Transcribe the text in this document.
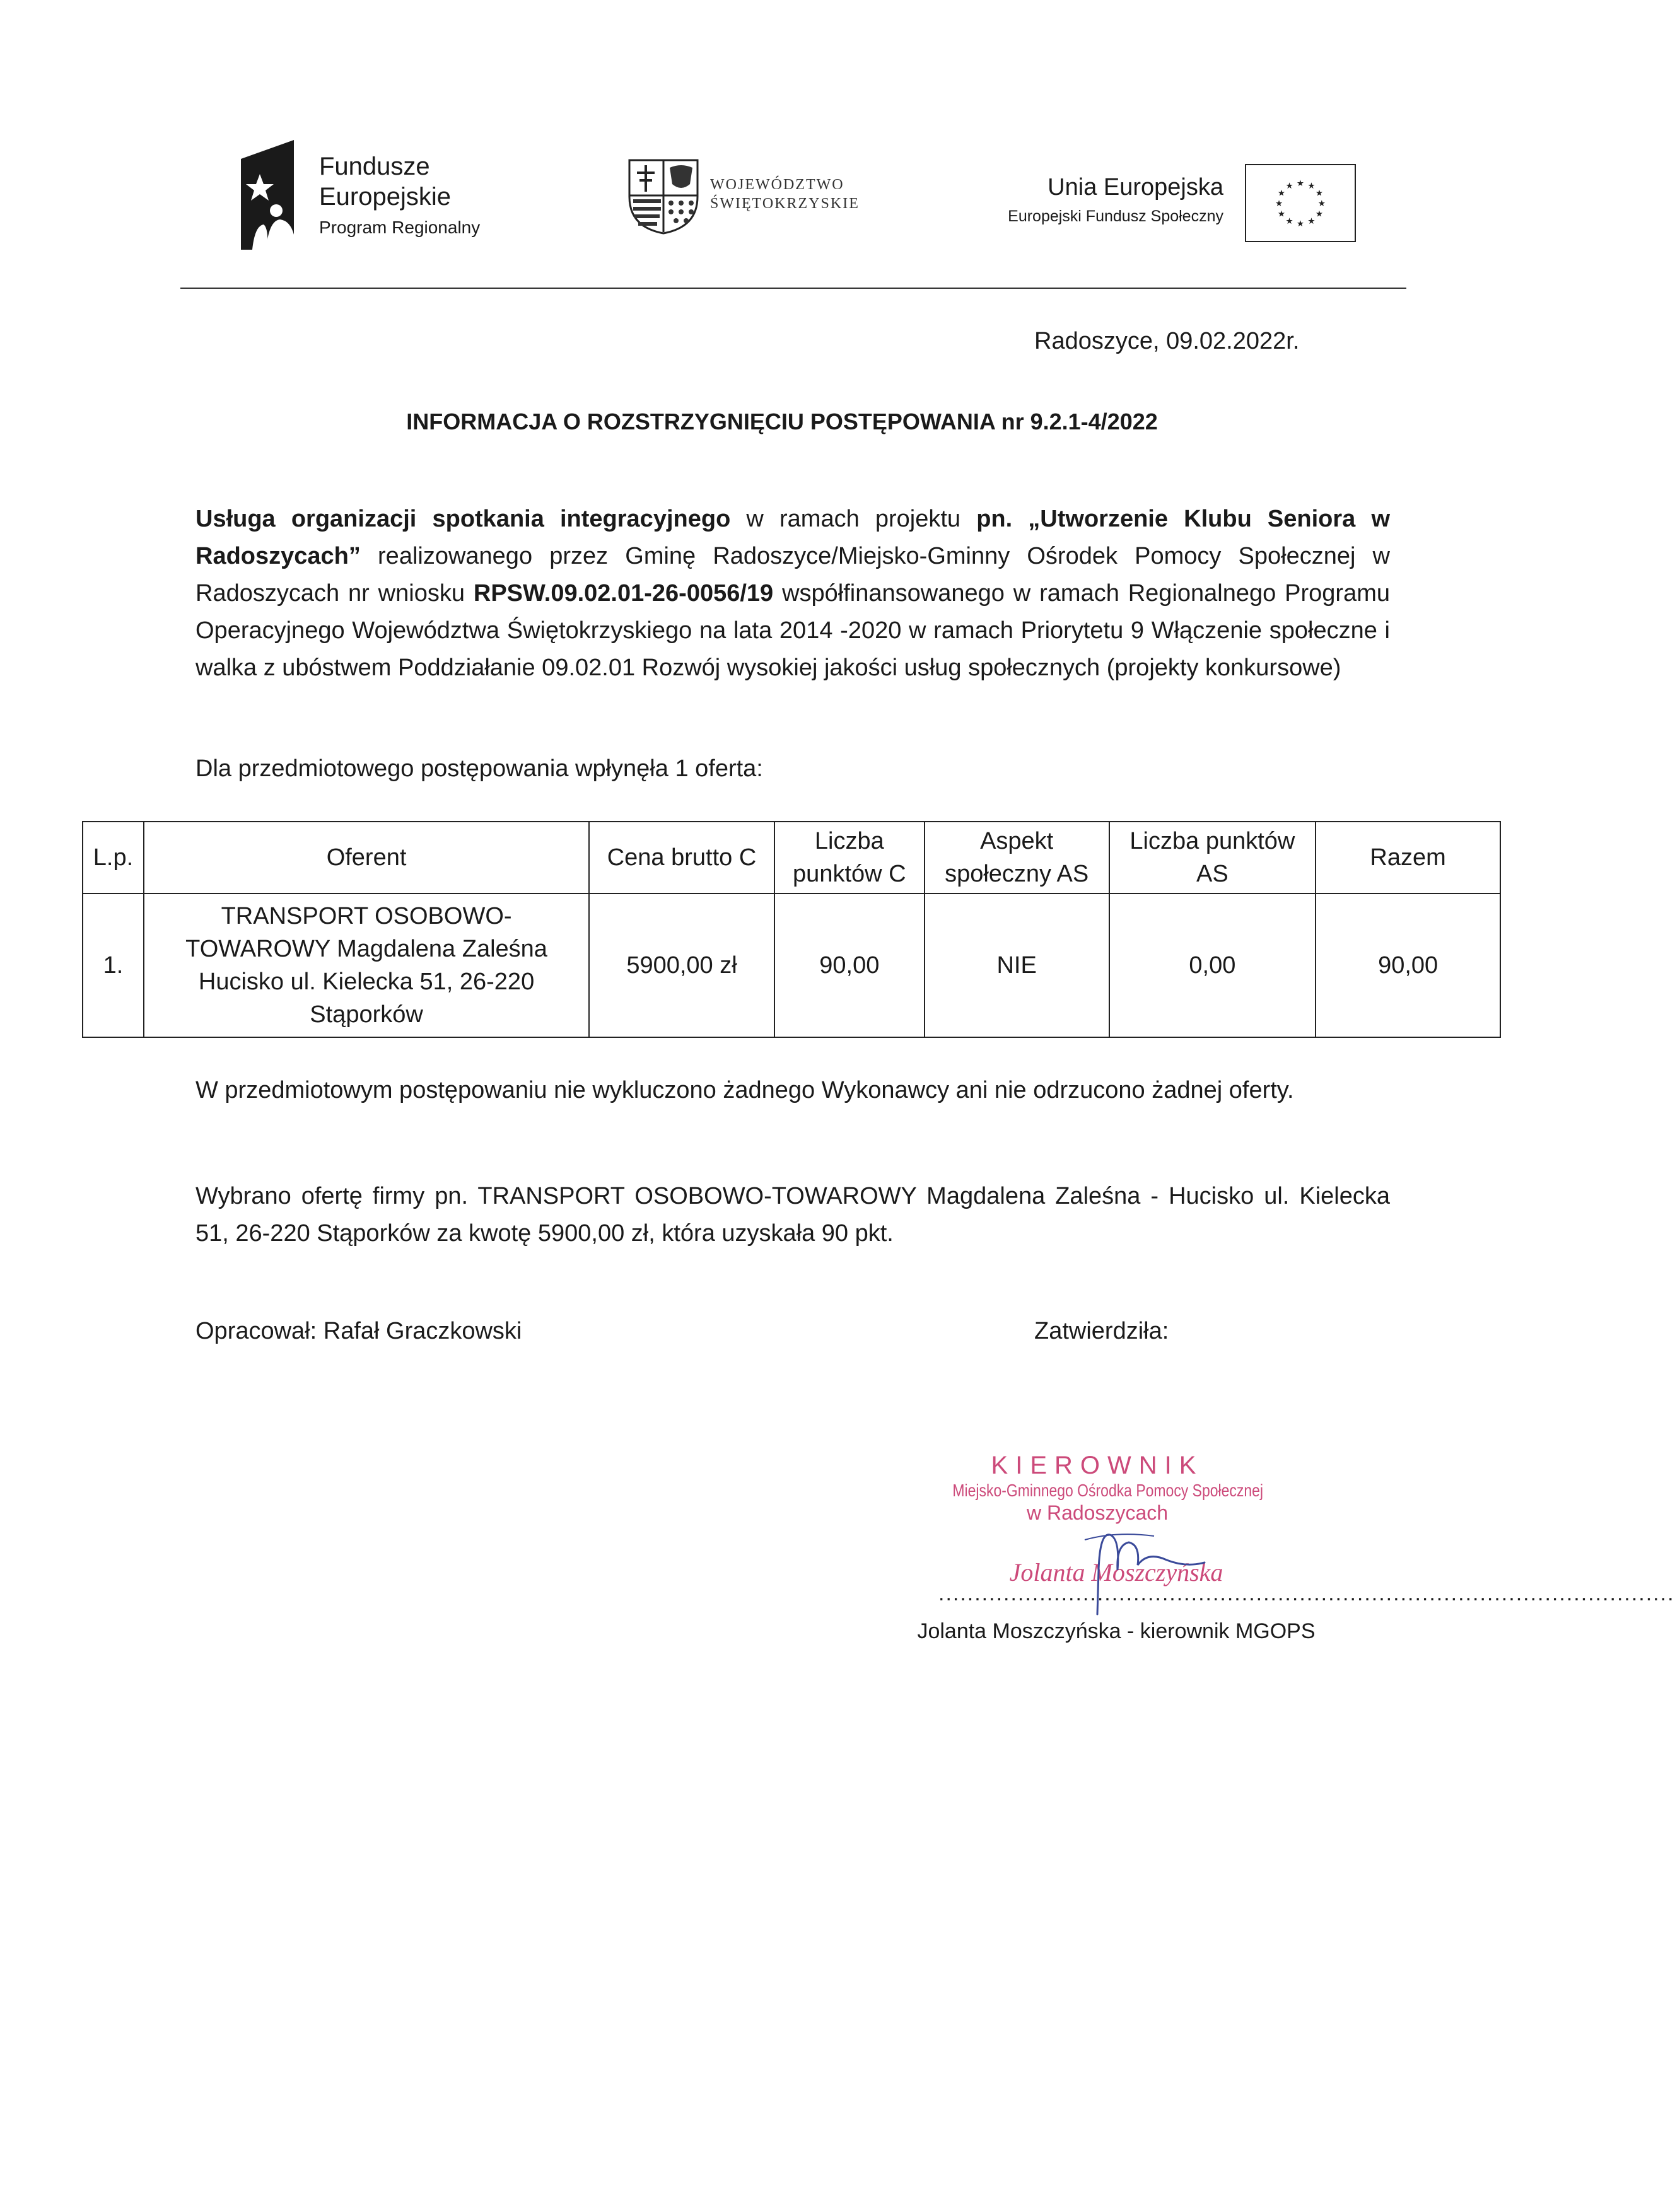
Fundusze
Europejskie
Program Regionalny
WOJEWÓDZTWO
ŚWIĘTOKRZYSKIE
Unia Europejska
Europejski Fundusz Społeczny
★ ★
★
★
★
★
★
★
★
★
★
★
Radoszyce, 09.02.2022r.
INFORMACJA O ROZSTRZYGNIĘCIU POSTĘPOWANIA nr 9.2.1-4/2022
Usługa organizacji spotkania integracyjnego w ramach projektu pn. „Utworzenie Klubu Seniora w Radoszycach” realizowanego przez Gminę Radoszyce/Miejsko-Gminny Ośrodek Pomocy Społecznej w Radoszycach nr wniosku RPSW.09.02.01-26-0056/19 współfinansowanego w ramach Regionalnego Programu Operacyjnego Województwa Świętokrzyskiego na lata 2014 -2020 w ramach Priorytetu 9 Włączenie społeczne i walka z ubóstwem Poddziałanie 09.02.01 Rozwój wysokiej jakości usług społecznych (projekty konkursowe)
Dla przedmiotowego postępowania wpłynęła 1 oferta:
L.p.	Oferent	Cena brutto C	Liczba punktów C	Aspekt społeczny AS	Liczba punktów AS	Razem
1.	TRANSPORT OSOBOWO-TOWAROWY Magdalena Zaleśna Hucisko ul. Kielecka 51, 26-220 Stąporków	5900,00 zł	90,00	NIE	0,00	90,00
W przedmiotowym postępowaniu nie wykluczono żadnego Wykonawcy ani nie odrzucono żadnej oferty.
Wybrano ofertę firmy pn. TRANSPORT OSOBOWO-TOWAROWY Magdalena Zaleśna - Hucisko ul. Kielecka 51, 26-220 Stąporków za kwotę 5900,00 zł, która uzyskała 90 pkt.
Opracował: Rafał Graczkowski	Zatwierdziła:
KIEROWNIK
Miejsko-Gminnego Ośrodka Pomocy Społecznej
w Radoszycach
Jolanta Moszczyńska
......................................................................................................
Jolanta Moszczyńska - kierownik MGOPS
